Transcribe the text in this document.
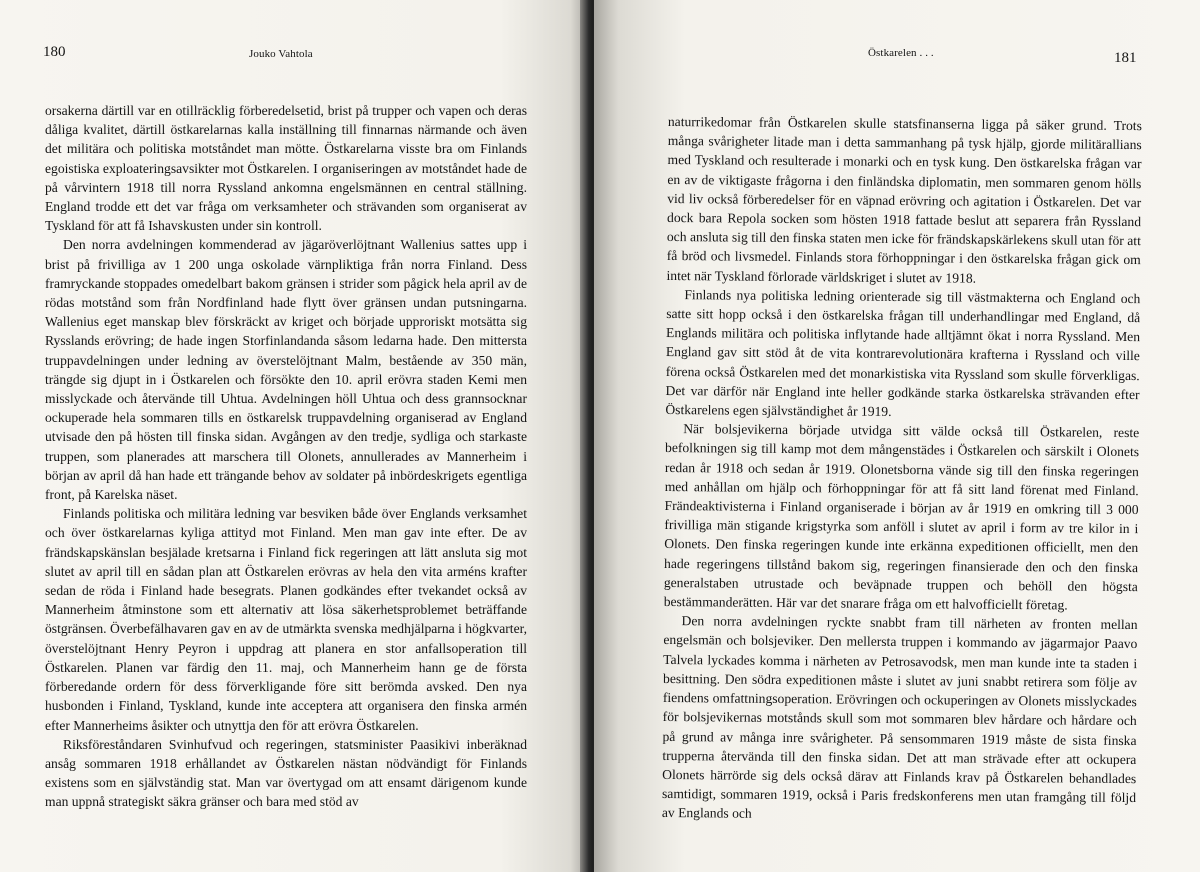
180	Jouko Vahtola

orsakerna därtill var en otillräcklig förberedelsetid, brist på trupper och vapen och deras dåliga kvalitet, därtill östkarelarnas kalla inställning till finnarnas närmande och även det militära och politiska motståndet man mötte. Östkarelarna visste bra om Finlands egoistiska exploateringsavsikter mot Östkarelen. I organiseringen av motståndet hade de på vårvintern 1918 till norra Ryssland ankomna engelsmännen en central ställning. England trodde ett det var fråga om verksamheter och strävanden som organiserat av Tyskland för att få Ishavskusten under sin kontroll.

Den norra avdelningen kommenderad av jägaröverlöjtnant Wallenius sattes upp i brist på frivilliga av 1 200 unga oskolade värnpliktiga från norra Finland. Dess framryckande stoppades omedelbart bakom gränsen i strider som pågick hela april av de rödas motstånd som från Nordfinland hade flytt över gränsen undan putsningarna. Wallenius eget manskap blev förskräckt av kriget och började upproriskt motsätta sig Rysslands erövring; de hade ingen Storfinlandanda såsom ledarna hade. Den mittersta truppavdelningen under ledning av överstelöjtnant Malm, bestående av 350 män, trängde sig djupt in i Östkarelen och försökte den 10. april erövra staden Kemi men misslyckade och återvände till Uhtua. Avdelningen höll Uhtua och dess grannsocknar ockuperade hela sommaren tills en östkarelsk truppavdelning organiserad av England utvisade den på hösten till finska sidan. Avgången av den tredje, sydliga och starkaste truppen, som planerades att marschera till Olonets, annullerades av Mannerheim i början av april då han hade ett trängande behov av soldater på inbördeskrigets egentliga front, på Karelska näset.

Finlands politiska och militära ledning var besviken både över Englands verksamhet och över östkarelarnas kyliga attityd mot Finland. Men man gav inte efter. De av frändskapskänslan besjälade kretsarna i Finland fick regeringen att lätt ansluta sig mot slutet av april till en sådan plan att Östkarelen erövras av hela den vita arméns krafter sedan de röda i Finland hade besegrats. Planen godkändes efter tvekandet också av Mannerheim åtminstone som ett alternativ att lösa säkerhetsproblemet beträffande östgränsen. Överbefälhavaren gav en av de utmärkta svenska medhjälparna i högkvarter, överstelöjtnant Henry Peyron i uppdrag att planera en stor anfallsoperation till Östkarelen. Planen var färdig den 11. maj, och Mannerheim hann ge de första förberedande ordern för dess förverkligande före sitt berömda avsked. Den nya husbonden i Finland, Tyskland, kunde inte acceptera att organisera den finska armén efter Mannerheims åsikter och utnyttja den för att erövra Östkarelen.

Riksföreståndaren Svinhufvud och regeringen, statsminister Paasikivi inberäknad ansåg sommaren 1918 erhållandet av Östkarelen nästan nödvändigt för Finlands existens som en självständig stat. Man var övertygad om att ensamt därigenom kunde man uppnå strategiskt säkra gränser och bara med stöd av

Östkarelen . . .	181

naturrikedomar från Östkarelen skulle statsfinanserna ligga på säker grund. Trots många svårigheter litade man i detta sammanhang på tysk hjälp, gjorde militärallians med Tyskland och resulterade i monarki och en tysk kung. Den östkarelska frågan var en av de viktigaste frågorna i den finländska diplomatin, men sommaren genom hölls vid liv också förberedelser för en väpnad erövring och agitation i Östkarelen. Det var dock bara Repola socken som hösten 1918 fattade beslut att separera från Ryssland och ansluta sig till den finska staten men icke för frändskapskärlekens skull utan för att få bröd och livsmedel. Finlands stora förhoppningar i den östkarelska frågan gick om intet när Tyskland förlorade världskriget i slutet av 1918.

Finlands nya politiska ledning orienterade sig till västmakterna och England och satte sitt hopp också i den östkarelska frågan till underhandlingar med England, då Englands militära och politiska inflytande hade alltjämnt ökat i norra Ryssland. Men England gav sitt stöd åt de vita kontrarevolutionära krafterna i Ryssland och ville förena också Östkarelen med det monarkistiska vita Ryssland som skulle förverkligas. Det var därför när England inte heller godkände starka östkarelska strävanden efter Östkarelens egen självständighet år 1919.

När bolsjevikerna började utvidga sitt välde också till Östkarelen, reste befolkningen sig till kamp mot dem mångenstädes i Östkarelen och särskilt i Olonets redan år 1918 och sedan år 1919. Olonetsborna vände sig till den finska regeringen med anhållan om hjälp och förhoppningar för att få sitt land förenat med Finland. Frändeaktivisterna i Finland organiserade i början av år 1919 en omkring till 3 000 frivilliga män stigande krigstyrka som anföll i slutet av april i form av tre kilor in i Olonets. Den finska regeringen kunde inte erkänna expeditionen officiellt, men den hade regeringens tillstånd bakom sig, regeringen finansierade den och den finska generalstaben utrustade och beväpnade truppen och behöll den högsta bestämmanderätten. Här var det snarare fråga om ett halvofficiellt företag.

Den norra avdelningen ryckte snabbt fram till närheten av fronten mellan engelsmän och bolsjeviker. Den mellersta truppen i kommando av jägarmajor Paavo Talvela lyckades komma i närheten av Petrosavodsk, men man kunde inte ta staden i besittning. Den södra expeditionen måste i slutet av juni snabbt retirera som följe av fiendens omfattningsoperation. Erövringen och ockuperingen av Olonets misslyckades för bolsjevikernas motstånds skull som mot sommaren blev hårdare och hårdare och på grund av många inre svårigheter. På sensommaren 1919 måste de sista finska trupperna återvända till den finska sidan. Det att man strävade efter att ockupera Olonets härrörde sig dels också därav att Finlands krav på Östkarelen behandlades samtidigt, sommaren 1919, också i Paris fredskonferens men utan framgång till följd av Englands och
